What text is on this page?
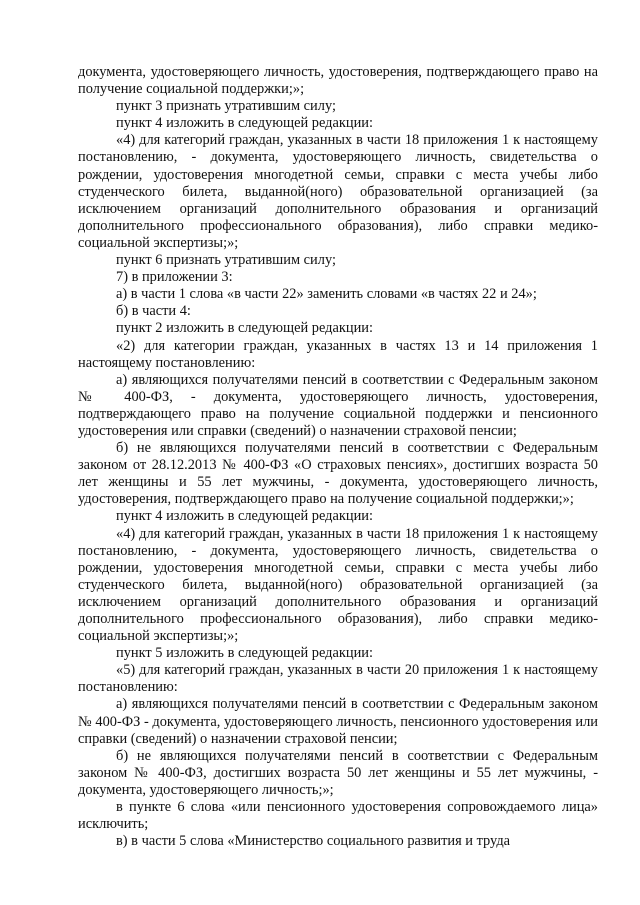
документа, удостоверяющего личность, удостоверения, подтверждающего право на получение социальной поддержки;»;

пункт 3 признать утратившим силу;

пункт 4 изложить в следующей редакции:

«4) для категорий граждан, указанных в части 18 приложения 1 к настоящему постановлению, - документа, удостоверяющего личность, свидетельства о рождении, удостоверения многодетной семьи, справки с места учебы либо студенческого билета, выданной(ного) образовательной организацией (за исключением организаций дополнительного образования и организаций дополнительного профессионального образования), либо справки медико-социальной экспертизы;»;

пункт 6 признать утратившим силу;

7) в приложении 3:

а) в части 1 слова «в части 22» заменить словами «в частях 22 и 24»;

б) в части 4:

пункт 2 изложить в следующей редакции:

«2) для категории граждан, указанных в частях 13 и 14 приложения 1 настоящему постановлению:

а) являющихся получателями пенсий в соответствии с Федеральным законом № 400-ФЗ, - документа, удостоверяющего личность, удостоверения, подтверждающего право на получение социальной поддержки и пенсионного удостоверения или справки (сведений) о назначении страховой пенсии;

б) не являющихся получателями пенсий в соответствии с Федеральным законом от 28.12.2013 № 400-ФЗ «О страховых пенсиях», достигших возраста 50 лет женщины и 55 лет мужчины, - документа, удостоверяющего личность, удостоверения, подтверждающего право на получение социальной поддержки;»;

пункт 4 изложить в следующей редакции:

«4) для категорий граждан, указанных в части 18 приложения 1 к настоящему постановлению, - документа, удостоверяющего личность, свидетельства о рождении, удостоверения многодетной семьи, справки с места учебы либо студенческого билета, выданной(ного) образовательной организацией (за исключением организаций дополнительного образования и организаций дополнительного профессионального образования), либо справки медико-социальной экспертизы;»;

пункт 5 изложить в следующей редакции:

«5) для категорий граждан, указанных в части 20 приложения 1 к настоящему постановлению:

а) являющихся получателями пенсий в соответствии с Федеральным законом № 400-ФЗ - документа, удостоверяющего личность, пенсионного удостоверения или справки (сведений) о назначении страховой пенсии;

б) не являющихся получателями пенсий в соответствии с Федеральным законом № 400-ФЗ, достигших возраста 50 лет женщины и 55 лет мужчины, - документа, удостоверяющего личность;»;

в пункте 6 слова «или пенсионного удостоверения сопровождаемого лица» исключить;

в) в части 5 слова «Министерство социального развития и труда
